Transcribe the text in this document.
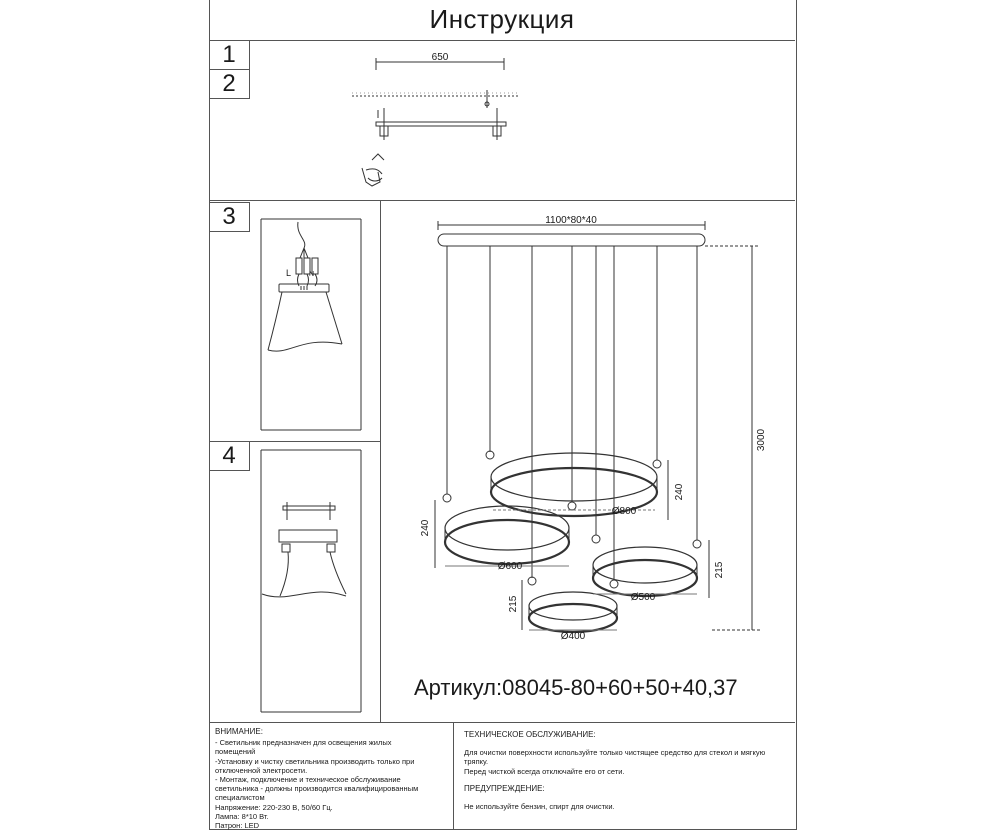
Инструкция
1
2
3
4
650
L	N
1100*80*40
3000
Ø800
Ø600
Ø500
Ø400
240
240
215
215
Артикул:08045-80+60+50+40,37

ВНИМАНИЕ:

- Светильник предназначен для освещения жилых

помещений

-Установку и чистку светильника производить только при

отключенной электросети.

- Монтаж, подключение и техническое обслуживание

светильника - должны производится квалифицированным

специалистом

Напряжение: 220-230 В, 50/60 Гц.

Лампа: 8*10 Вт.

Патрон: LED

ТЕХНИЧЕСКОЕ ОБСЛУЖИВАНИЕ:

Для очистки поверхности используйте только чистящее средство для стекол и мягкую тряпку.

Перед чисткой всегда отключайте его от сети.

ПРЕДУПРЕЖДЕНИЕ:

Не используйте бензин, спирт для очистки.
